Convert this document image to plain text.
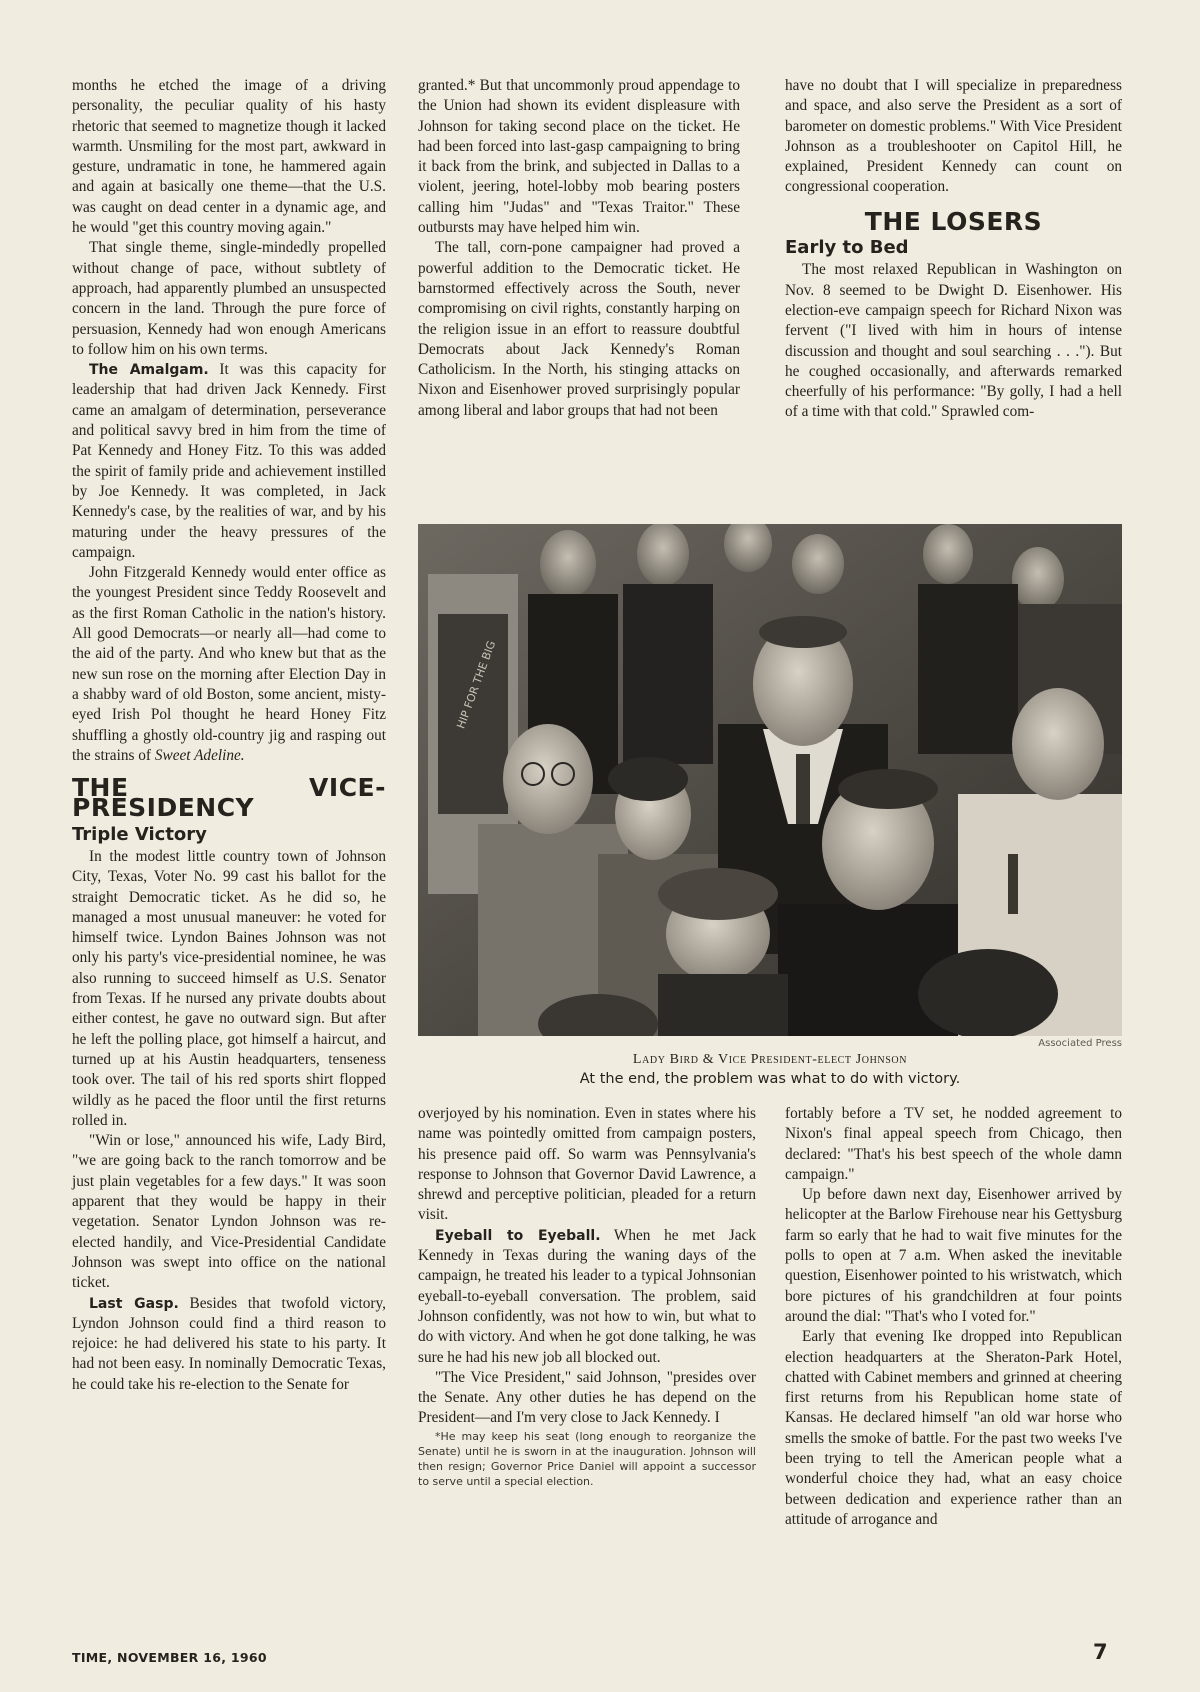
months he etched the image of a driving personality, the peculiar quality of his hasty rhetoric that seemed to magnetize though it lacked warmth. Unsmiling for the most part, awkward in gesture, undramatic in tone, he hammered again and again at basically one theme—that the U.S. was caught on dead center in a dynamic age, and he would "get this country moving again."

That single theme, single-mindedly propelled without change of pace, without subtlety of approach, had apparently plumbed an unsuspected concern in the land. Through the pure force of persuasion, Kennedy had won enough Americans to follow him on his own terms.

The Amalgam. It was this capacity for leadership that had driven Jack Kennedy. First came an amalgam of determination, perseverance and political savvy bred in him from the time of Pat Kennedy and Honey Fitz. To this was added the spirit of family pride and achievement instilled by Joe Kennedy. It was completed, in Jack Kennedy's case, by the realities of war, and by his maturing under the heavy pressures of the campaign.

John Fitzgerald Kennedy would enter office as the youngest President since Teddy Roosevelt and as the first Roman Catholic in the nation's history. All good Democrats—or nearly all—had come to the aid of the party. And who knew but that as the new sun rose on the morning after Election Day in a shabby ward of old Boston, some ancient, misty-eyed Irish Pol thought he heard Honey Fitz shuffling a ghostly old-country jig and rasping out the strains of Sweet Adeline.

THE VICE-PRESIDENCY
Triple Victory

In the modest little country town of Johnson City, Texas, Voter No. 99 cast his ballot for the straight Democratic ticket. As he did so, he managed a most unusual maneuver: he voted for himself twice. Lyndon Baines Johnson was not only his party's vice-presidential nominee, he was also running to succeed himself as U.S. Senator from Texas. If he nursed any private doubts about either contest, he gave no outward sign. But after he left the polling place, got himself a haircut, and turned up at his Austin headquarters, tenseness took over. The tail of his red sports shirt flopped wildly as he paced the floor until the first returns rolled in.

"Win or lose," announced his wife, Lady Bird, "we are going back to the ranch tomorrow and be just plain vegetables for a few days." It was soon apparent that they would be happy in their vegetation. Senator Lyndon Johnson was re-elected handily, and Vice-Presidential Candidate Johnson was swept into office on the national ticket.

Last Gasp. Besides that twofold victory, Lyndon Johnson could find a third reason to rejoice: he had delivered his state to his party. It had not been easy. In nominally Democratic Texas, he could take his re-election to the Senate for

granted.* But that uncommonly proud appendage to the Union had shown its evident displeasure with Johnson for taking second place on the ticket. He had been forced into last-gasp campaigning to bring it back from the brink, and subjected in Dallas to a violent, jeering, hotel-lobby mob bearing posters calling him "Judas" and "Texas Traitor." These outbursts may have helped him win.

The tall, corn-pone campaigner had proved a powerful addition to the Democratic ticket. He barnstormed effectively across the South, never compromising on civil rights, constantly harping on the religion issue in an effort to reassure doubtful Democrats about Jack Kennedy's Roman Catholicism. In the North, his stinging attacks on Nixon and Eisenhower proved surprisingly popular among liberal and labor groups that had not been

have no doubt that I will specialize in preparedness and space, and also serve the President as a sort of barometer on domestic problems." With Vice President Johnson as a troubleshooter on Capitol Hill, he explained, President Kennedy can count on congressional cooperation.

THE LOSERS
Early to Bed

The most relaxed Republican in Washington on Nov. 8 seemed to be Dwight D. Eisenhower. His election-eve campaign speech for Richard Nixon was fervent ("I lived with him in hours of intense discussion and thought and soul searching . . ."). But he coughed occasionally, and afterwards remarked cheerfully of his performance: "By golly, I had a hell of a time with that cold." Sprawled com-

HIP FOR THE BIG
Associated Press
Lady Bird & Vice President-elect Johnson
At the end, the problem was what to do with victory.

overjoyed by his nomination. Even in states where his name was pointedly omitted from campaign posters, his presence paid off. So warm was Pennsylvania's response to Johnson that Governor David Lawrence, a shrewd and perceptive politician, pleaded for a return visit.

Eyeball to Eyeball. When he met Jack Kennedy in Texas during the waning days of the campaign, he treated his leader to a typical Johnsonian eyeball-to-eyeball conversation. The problem, said Johnson confidently, was not how to win, but what to do with victory. And when he got done talking, he was sure he had his new job all blocked out.

"The Vice President," said Johnson, "presides over the Senate. Any other duties he has depend on the President—and I'm very close to Jack Kennedy. I

*He may keep his seat (long enough to reorganize the Senate) until he is sworn in at the inauguration. Johnson will then resign; Governor Price Daniel will appoint a successor to serve until a special election.

fortably before a TV set, he nodded agreement to Nixon's final appeal speech from Chicago, then declared: "That's his best speech of the whole damn campaign."

Up before dawn next day, Eisenhower arrived by helicopter at the Barlow Firehouse near his Gettysburg farm so early that he had to wait five minutes for the polls to open at 7 a.m. When asked the inevitable question, Eisenhower pointed to his wristwatch, which bore pictures of his grandchildren at four points around the dial: "That's who I voted for."

Early that evening Ike dropped into Republican election headquarters at the Sheraton-Park Hotel, chatted with Cabinet members and grinned at cheering first returns from his Republican home state of Kansas. He declared himself "an old war horse who smells the smoke of battle. For the past two weeks I've been trying to tell the American people what a wonderful choice they had, what an easy choice between dedication and experience rather than an attitude of arrogance and

TIME, NOVEMBER 16, 1960	7
